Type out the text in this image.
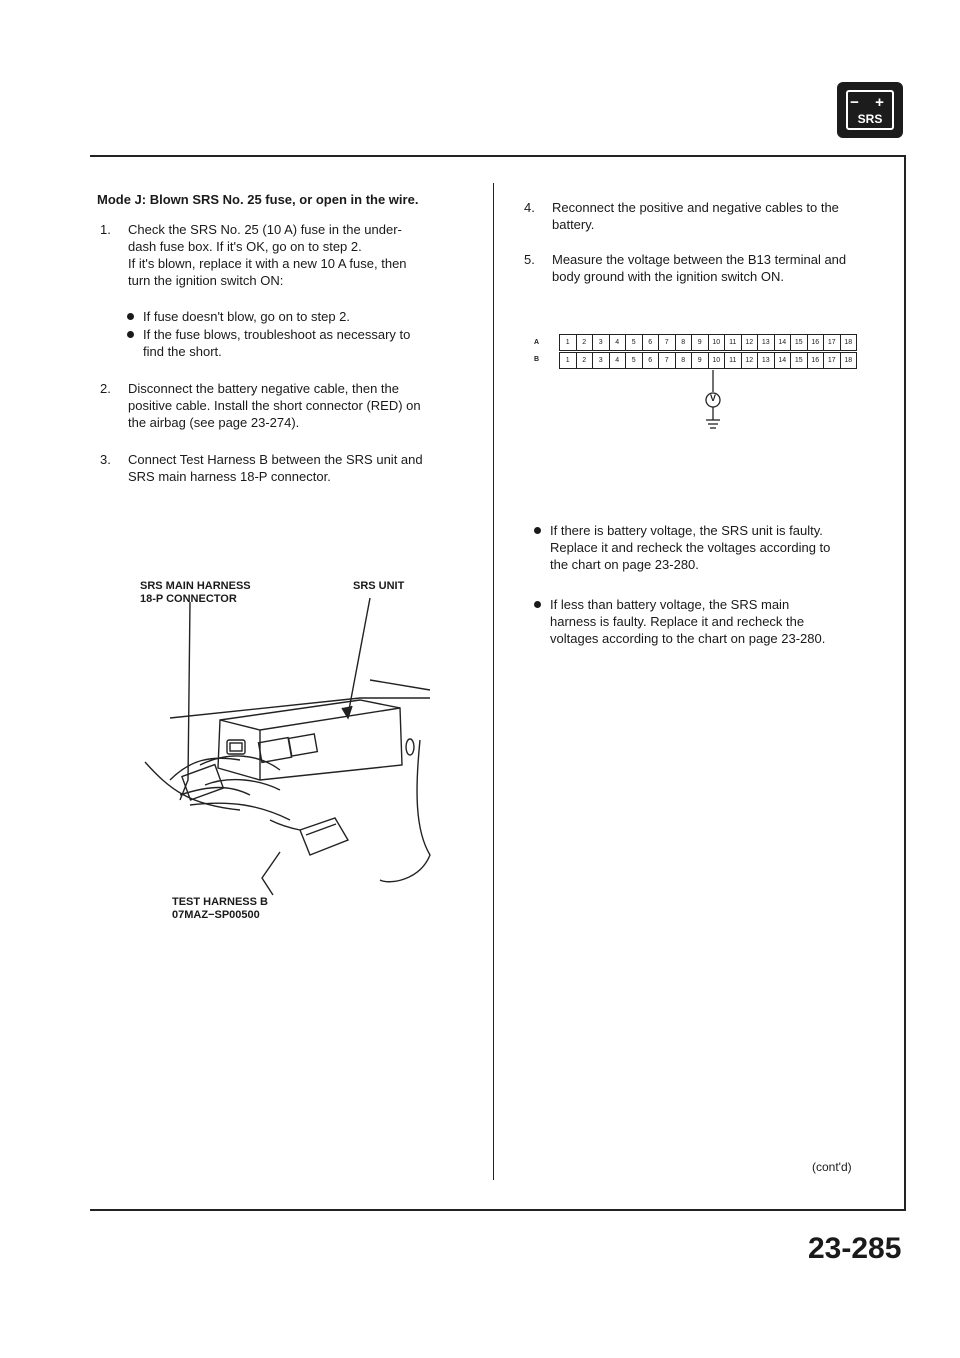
− +
SRS
Mode J: Blown SRS No. 25 fuse, or open in the wire.
1. Check the SRS No. 25 (10 A) fuse in the under-
dash fuse box. If it's OK, go on to step 2.
If it's blown, replace it with a new 10 A fuse, then
turn the ignition switch ON:
If fuse doesn't blow, go on to step 2.
If the fuse blows, troubleshoot as necessary to
find the short.
2. Disconnect the battery negative cable, then the
positive cable. Install the short connector (RED) on
the airbag (see page 23-274).
3. Connect Test Harness B between the SRS unit and
SRS main harness 18-P connector.
SRS MAIN HARNESS
18-P CONNECTOR
SRS UNIT
TEST HARNESS B
07MAZ−SP00500
4. Reconnect the positive and negative cables to the
battery.
5. Measure the voltage between the B13 terminal and
body ground with the ignition switch ON.
A
B
1	2	3	4	5	6	7	8	9	10	11	12	13	14	15	16	17	18
1	2	3	4	5	6	7	8	9	10	11	12	13	14	15	16	17	18
V
If there is battery voltage, the SRS unit is faulty.
Replace it and recheck the voltages according to
the chart on page 23-280.
If less than battery voltage, the SRS main
harness is faulty. Replace it and recheck the
voltages according to the chart on page 23-280.
(cont'd)
23-285
